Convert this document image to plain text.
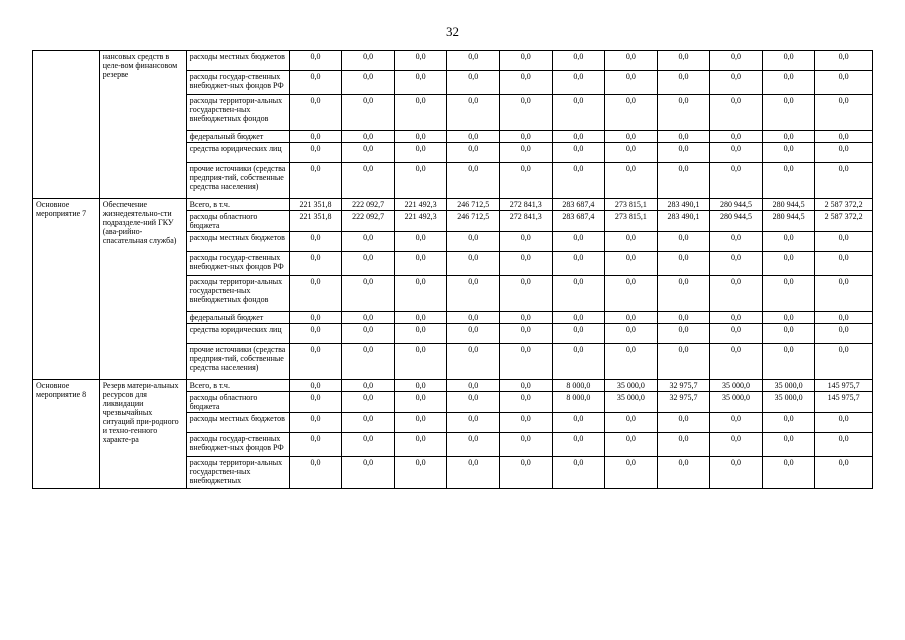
32
	нансовых средств в целе-вом финансовом резерве	расходы местных бюджетов	0,0	0,0	0,0	0,0	0,0	0,0	0,0	0,0	0,0	0,0	0,0
		расходы государ-ственных внебюджет-ных фондов РФ	0,0	0,0	0,0	0,0	0,0	0,0	0,0	0,0	0,0	0,0	0,0
		расходы территори-альных государствен-ных внебюджетных фондов	0,0	0,0	0,0	0,0	0,0	0,0	0,0	0,0	0,0	0,0	0,0
		федеральный бюджет	0,0	0,0	0,0	0,0	0,0	0,0	0,0	0,0	0,0	0,0	0,0
		средства юридических лиц	0,0	0,0	0,0	0,0	0,0	0,0	0,0	0,0	0,0	0,0	0,0
		прочие источники (средства предприя-тий, собственные средства населения)	0,0	0,0	0,0	0,0	0,0	0,0	0,0	0,0	0,0	0,0	0,0
Основное мероприятие 7	Обеспечение жизнедеятельно-сти подразделе-ний ГКУ (ава-рийно-спасательная служба)	Всего, в т.ч.	221 351,8	222 092,7	221 492,3	246 712,5	272 841,3	283 687,4	273 815,1	283 490,1	280 944,5	280 944,5	2 587 372,2
		расходы областного бюджета	221 351,8	222 092,7	221 492,3	246 712,5	272 841,3	283 687,4	273 815,1	283 490,1	280 944,5	280 944,5	2 587 372,2
		расходы местных бюджетов	0,0	0,0	0,0	0,0	0,0	0,0	0,0	0,0	0,0	0,0	0,0
		расходы государ-ственных внебюджет-ных фондов РФ	0,0	0,0	0,0	0,0	0,0	0,0	0,0	0,0	0,0	0,0	0,0
		расходы территори-альных государствен-ных внебюджетных фондов	0,0	0,0	0,0	0,0	0,0	0,0	0,0	0,0	0,0	0,0	0,0
		федеральный бюджет	0,0	0,0	0,0	0,0	0,0	0,0	0,0	0,0	0,0	0,0	0,0
		средства юридических лиц	0,0	0,0	0,0	0,0	0,0	0,0	0,0	0,0	0,0	0,0	0,0
		прочие источники (средства предприя-тий, собственные средства населения)	0,0	0,0	0,0	0,0	0,0	0,0	0,0	0,0	0,0	0,0	0,0
Основное мероприятие 8	Резерв матери-альных ресурсов для ликвидации чрезвычайных ситуаций при-родного и техно-генного характе-ра	Всего, в т.ч.	0,0	0,0	0,0	0,0	0,0	8 000,0	35 000,0	32 975,7	35 000,0	35 000,0	145 975,7
		расходы областного бюджета	0,0	0,0	0,0	0,0	0,0	8 000,0	35 000,0	32 975,7	35 000,0	35 000,0	145 975,7
		расходы местных бюджетов	0,0	0,0	0,0	0,0	0,0	0,0	0,0	0,0	0,0	0,0	0,0
		расходы государ-ственных внебюджет-ных фондов РФ	0,0	0,0	0,0	0,0	0,0	0,0	0,0	0,0	0,0	0,0	0,0
		расходы территори-альных государствен-ных внебюджетных	0,0	0,0	0,0	0,0	0,0	0,0	0,0	0,0	0,0	0,0	0,0
